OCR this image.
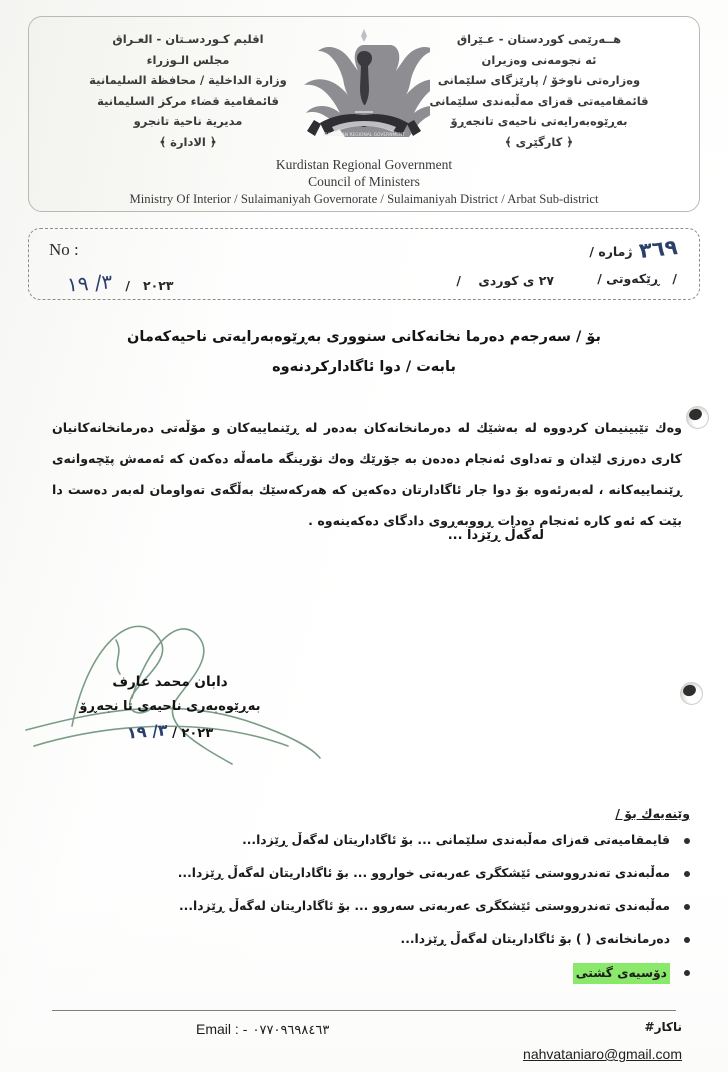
اقليم كـوردسـتان - العـراق
مجلس الـوزراء
وزارة الداخلية / محافظة السليمانية
قائمقامية قضاء مركز السليمانية
مديرية ناحية تانجرو
﴿ الادارة ﴾
هــەرێمی كوردستان - عـێراق
ئە نجومەنی وەزیران
وەزارەتی ناوخۆ / پارێزگای سلێمانی
قائمقامیەتی قەزای مەڵبەندی سلێمانی
بەڕێوەبەرایەتی ناحیەی تانجەڕۆ
﴿ كارگێری ﴾
KURDISTAN REGIONAL GOVERNMENT
Kurdistan Regional Government
Council of Ministers
Ministry Of Interior / Sulaimaniyah Governorate / Sulaimaniyah District / Arbat Sub-district
No :	٣٦٩ژماره /
/   ڕێکەوتی /
٢٧ ی كوردی    /
٢٠٢٣   /   ٣/ ١٩
بۆ / سەرجەم دەرما نخانەکانی سنووری بەڕێوەبەرایەتی ناحیەکەمان
بابەت / دوا ئاگادارکردنەوە
وەك تێبینیمان كردووە لە بەشێك لە دەرمانخانەكان بەدەر لە ڕێنماییەكان و مۆڵەتی دەرمانخانەكانیان كاری دەرزی لێدان و تەداوی ئەنجام دەدەن بە جۆرێك وەك نۆرینگە مامەڵە دەكەن كە ئەمەش پێچەوانەی ڕێنماییەكانە ، لەبەرئەوە بۆ دوا جار ئاگادارتان دەكەین كە هەركەسێك بەڵگەی تەواومان لەبەر دەست دا بێت كە ئەو كارە ئەنجام دەدات ڕووبەڕوی دادگای دەكەینەوە .
لەگەڵ ڕێزدا ...
دابان محمد عارف
بەڕێوەبەری ناحیەی تا نجەڕۆ
٢٠٢٣ / ٣/ ١٩
وێنەیەك بۆ /
قایمقامیەتی قەزای مەڵبەندی سلێمانی ... بۆ ئاگاداریتان لەگەڵ ڕێزدا...
مەڵبەندی تەندرووستی ئێشكگری عەربەتی خواروو ... بۆ ئاگاداریتان لەگەڵ ڕێزدا...
مەڵبەندی تەندرووستی ئێشكگری عەربەتی سەروو ... بۆ ئاگاداریتان لەگەڵ ڕێزدا...
دەرمانخانەی ( ) بۆ ئاگاداریتان لەگەڵ ڕێزدا...
دۆسیەی گشتی
ناكار#
Email : - ٠٧٧٠٩٦٩٨٤٦٣
nahvataniaro@gmail.com
